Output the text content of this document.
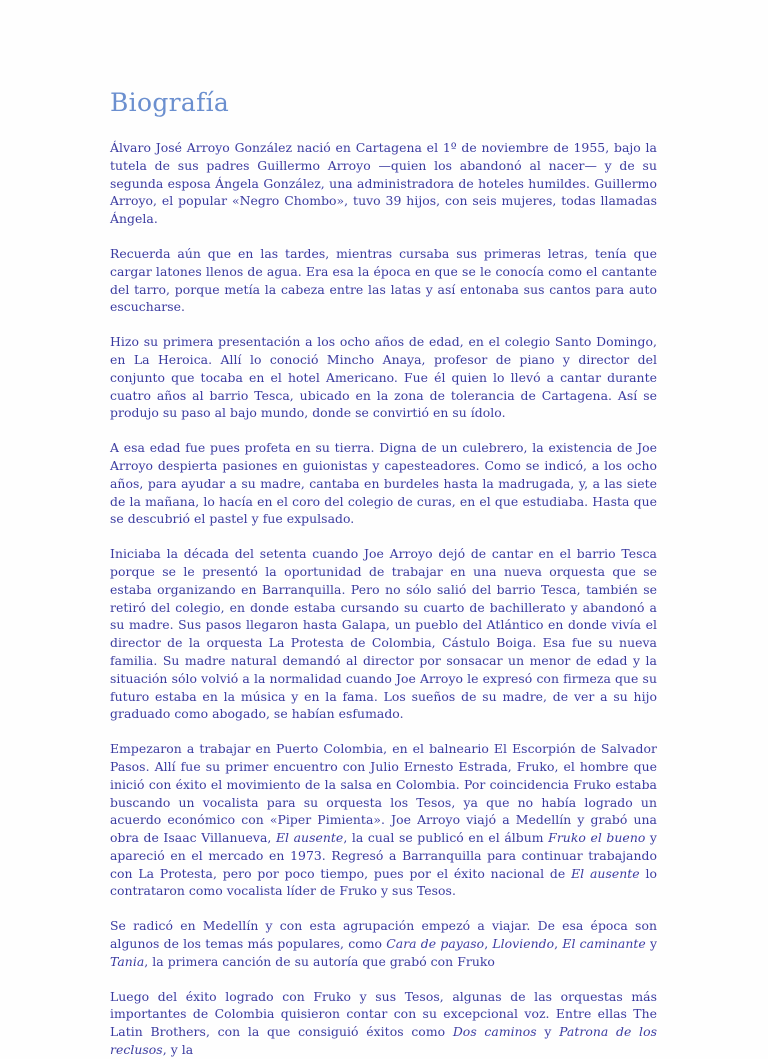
Biografía

Álvaro José Arroyo González nació en Cartagena el 1º de noviembre de 1955, bajo la tutela de sus padres Guillermo Arroyo —quien los abandonó al nacer— y de su segunda esposa Ángela González, una administradora de hoteles humildes. Guillermo Arroyo, el popular «Negro Chombo», tuvo 39 hijos, con seis mujeres, todas llamadas Ángela.

Recuerda aún que en las tardes, mientras cursaba sus primeras letras, tenía que cargar latones llenos de agua. Era esa la época en que se le conocía como el cantante del tarro, porque metía la cabeza entre las latas y así entonaba sus cantos para auto escucharse.

Hizo su primera presentación a los ocho años de edad, en el colegio Santo Domingo, en La Heroica. Allí lo conoció Mincho Anaya, profesor de piano y director del conjunto que tocaba en el hotel Americano. Fue él quien lo llevó a cantar durante cuatro años al barrio Tesca, ubicado en la zona de tolerancia de Cartagena. Así se produjo su paso al bajo mundo, donde se convirtió en su ídolo.

A esa edad fue pues profeta en su tierra. Digna de un culebrero, la existencia de Joe Arroyo despierta pasiones en guionistas y capesteadores. Como se indicó, a los ocho años, para ayudar a su madre, cantaba en burdeles hasta la madrugada, y, a las siete de la mañana, lo hacía en el coro del colegio de curas, en el que estudiaba. Hasta que se descubrió el pastel y fue expulsado.

Iniciaba la década del setenta cuando Joe Arroyo dejó de cantar en el barrio Tesca porque se le presentó la oportunidad de trabajar en una nueva orquesta que se estaba organizando en Barranquilla. Pero no sólo salió del barrio Tesca, también se retiró del colegio, en donde estaba cursando su cuarto de bachillerato y abandonó a su madre. Sus pasos llegaron hasta Galapa, un pueblo del Atlántico en donde vivía el director de la orquesta La Protesta de Colombia, Cástulo Boiga. Esa fue su nueva familia. Su madre natural demandó al director por sonsacar un menor de edad y la situación sólo volvió a la normalidad cuando Joe Arroyo le expresó con firmeza que su futuro estaba en la música y en la fama. Los sueños de su madre, de ver a su hijo graduado como abogado, se habían esfumado.

Empezaron a trabajar en Puerto Colombia, en el balneario El Escorpión de Salvador Pasos. Allí fue su primer encuentro con Julio Ernesto Estrada, Fruko, el hombre que inició con éxito el movimiento de la salsa en Colombia. Por coincidencia Fruko estaba buscando un vocalista para su orquesta los Tesos, ya que no había logrado un acuerdo económico con «Piper Pimienta». Joe Arroyo viajó a Medellín y grabó una obra de Isaac Villanueva, El ausente, la cual se publicó en el álbum Fruko el bueno y apareció en el mercado en 1973. Regresó a Barranquilla para continuar trabajando con La Protesta, pero por poco tiempo, pues por el éxito nacional de El ausente lo contrataron como vocalista líder de Fruko y sus Tesos.

Se radicó en Medellín y con esta agrupación empezó a viajar. De esa época son algunos de los temas más populares, como Cara de payaso, Lloviendo, El caminante y Tania, la primera canción de su autoría que grabó con Fruko

Luego del éxito logrado con Fruko y sus Tesos, algunas de las orquestas más importantes de Colombia quisieron contar con su excepcional voz. Entre ellas The Latin Brothers, con la que consiguió éxitos como Dos caminos y Patrona de los reclusos, y la
